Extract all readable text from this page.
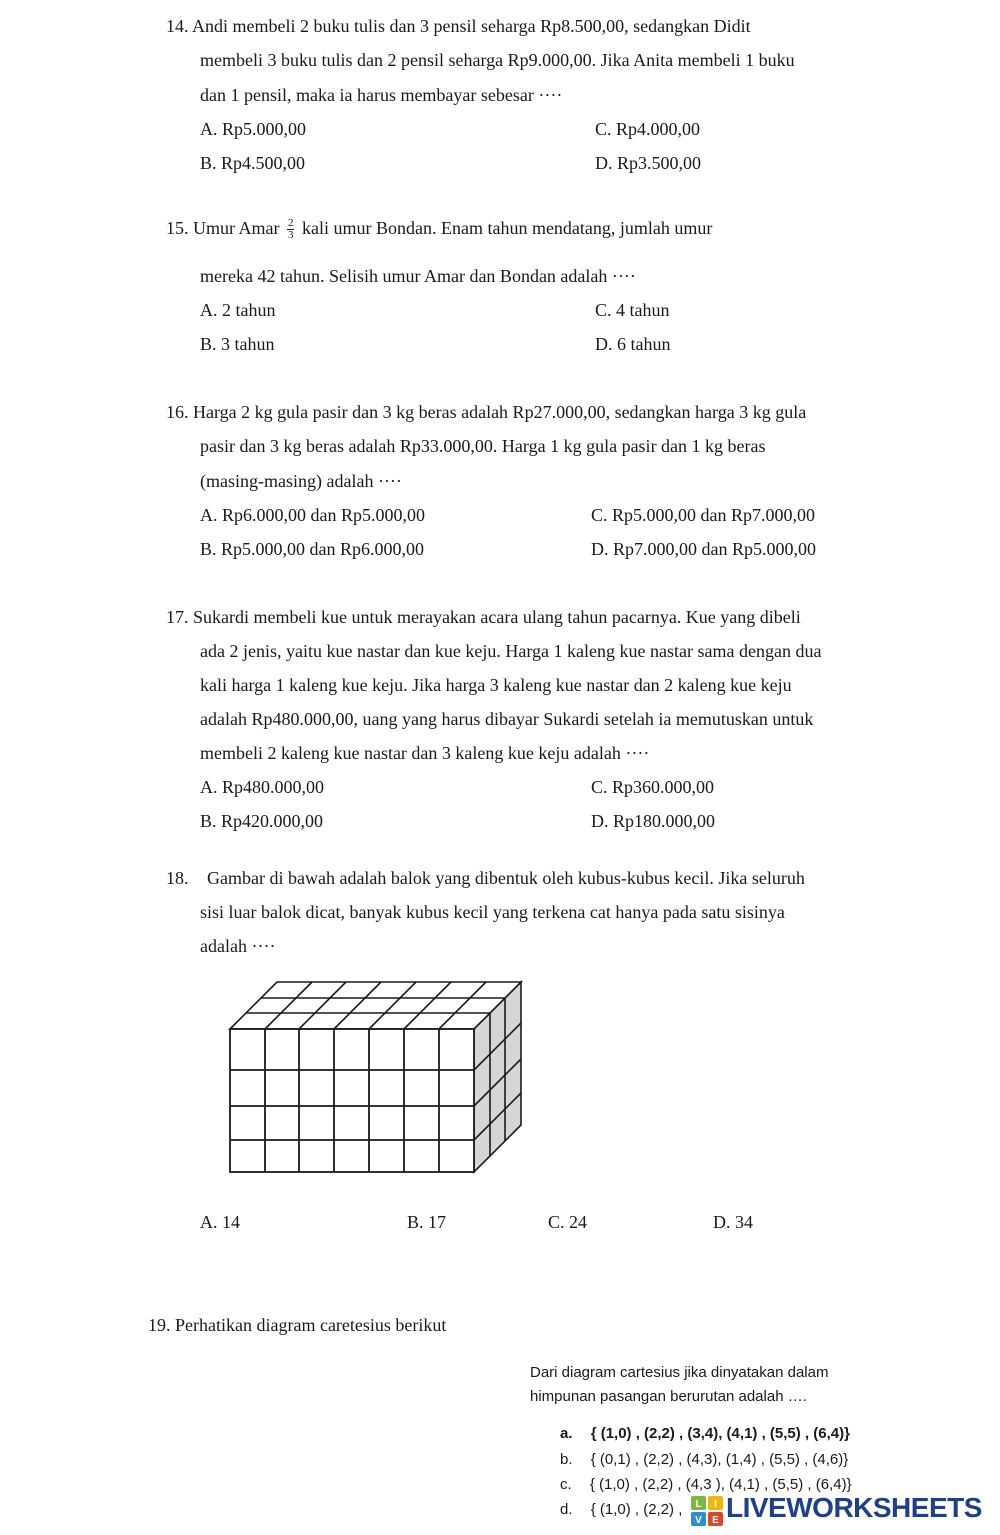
14. Andi membeli 2 buku tulis dan 3 pensil seharga Rp8.500,00, sedangkan Didit
membeli 3 buku tulis dan 2 pensil seharga Rp9.000,00. Jika Anita membeli 1 buku
dan 1 pensil, maka ia harus membayar sebesar ····
A. Rp5.000,00
B. Rp4.500,00
C. Rp4.000,00
D. Rp3.500,00
15. Umur Amar $\frac{2}{3}$ kali umur Bondan. Enam tahun mendatang, jumlah umur
mereka 42 tahun. Selisih umur Amar dan Bondan adalah ····
A. 2 tahun
B. 3 tahun
C. 4 tahun
D. 6 tahun
16. Harga 2 kg gula pasir dan 3 kg beras adalah Rp27.000,00, sedangkan harga 3 kg gula
pasir dan 3 kg beras adalah Rp33.000,00. Harga 1 kg gula pasir dan 1 kg beras
(masing-masing) adalah ····
A. Rp6.000,00 dan Rp5.000,00
B. Rp5.000,00 dan Rp6.000,00
C. Rp5.000,00 dan Rp7.000,00
D. Rp7.000,00 dan Rp5.000,00
17. Sukardi membeli kue untuk merayakan acara ulang tahun pacarnya. Kue yang dibeli
ada 2 jenis, yaitu kue nastar dan kue keju. Harga 1 kaleng kue nastar sama dengan dua
kali harga 1 kaleng kue keju. Jika harga 3 kaleng kue nastar dan 2 kaleng kue keju
adalah Rp480.000,00, uang yang harus dibayar Sukardi setelah ia memutuskan untuk
membeli 2 kaleng kue nastar dan 3 kaleng kue keju adalah ····
A. Rp480.000,00
B. Rp420.000,00
C. Rp360.000,00
D. Rp180.000,00
18. Gambar di bawah adalah balok yang dibentuk oleh kubus-kubus kecil. Jika seluruh
sisi luar balok dicat, banyak kubus kecil yang terkena cat hanya pada satu sisinya
adalah ····
A. 14	B. 17	C. 24	D. 34
19. Perhatikan diagram caretesius berikut
Dari diagram cartesius jika dinyatakan dalam
himpunan pasangan berurutan adalah ….
a. { (1,0) , (2,2) , (3,4), (4,1) , (5,5) , (6,4)}
b. { (0,1) , (2,2) , (4,3), (1,4) , (5,5) , (4,6)}
c. { (1,0) , (2,2) , (4,3 ), (4,1) , (5,5) , (6,4)}
d. { (1,0) , (2,2) , L I
V E LIVEWORKSHEETS
